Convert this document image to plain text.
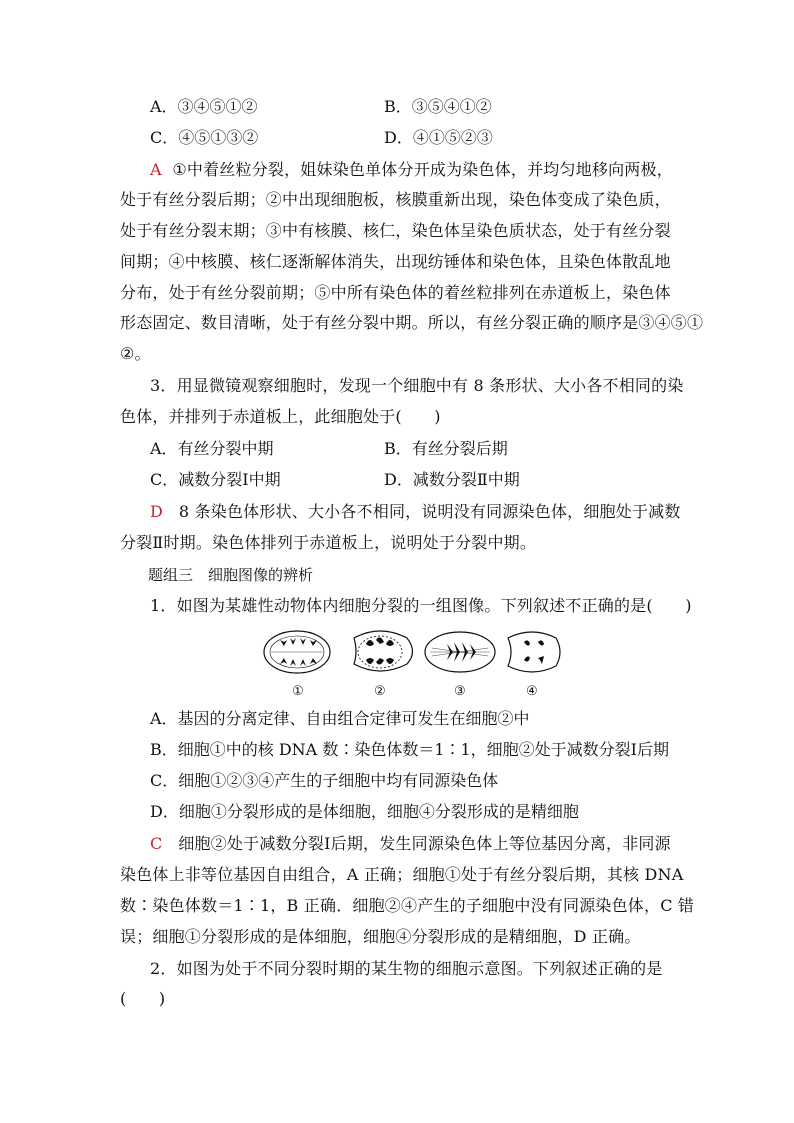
A．③④⑤①②	B．③⑤④①②
C．④⑤①③②	D．④①⑤②③
A ①中着丝粒分裂，姐妹染色单体分开成为染色体，并均匀地移向两极，
处于有丝分裂后期；②中出现细胞板，核膜重新出现，染色体变成了染色质，
处于有丝分裂末期；③中有核膜、核仁，染色体呈染色质状态，处于有丝分裂
间期；④中核膜、核仁逐渐解体消失，出现纺锤体和染色体，且染色体散乱地
分布，处于有丝分裂前期；⑤中所有染色体的着丝粒排列在赤道板上，染色体
形态固定、数目清晰，处于有丝分裂中期。所以，有丝分裂正确的顺序是③④⑤①
②。
3．用显微镜观察细胞时，发现一个细胞中有 8 条形状、大小各不相同的染
色体，并排列于赤道板上，此细胞处于(　　)
A．有丝分裂中期	B．有丝分裂后期
C．减数分裂Ⅰ中期	D．减数分裂Ⅱ中期
D 8 条染色体形状、大小各不相同，说明没有同源染色体，细胞处于减数
分裂Ⅱ时期。染色体排列于赤道板上，说明处于分裂中期。
题组三　细胞图像的辨析
1．如图为某雄性动物体内细胞分裂的一组图像。下列叙述不正确的是(　　)
①	②	③	④
A．基因的分离定律、自由组合定律可发生在细胞②中
B．细胞①中的核 DNA 数∶染色体数＝1∶1，细胞②处于减数分裂Ⅰ后期
C．细胞①②③④产生的子细胞中均有同源染色体
D．细胞①分裂形成的是体细胞，细胞④分裂形成的是精细胞
C 细胞②处于减数分裂Ⅰ后期，发生同源染色体上等位基因分离，非同源
染色体上非等位基因自由组合，A 正确；细胞①处于有丝分裂后期，其核 DNA
数∶染色体数＝1∶1，B 正确．细胞②④产生的子细胞中没有同源染色体，C 错
误；细胞①分裂形成的是体细胞，细胞④分裂形成的是精细胞，D 正确。
2．如图为处于不同分裂时期的某生物的细胞示意图。下列叙述正确的是
(　　)
